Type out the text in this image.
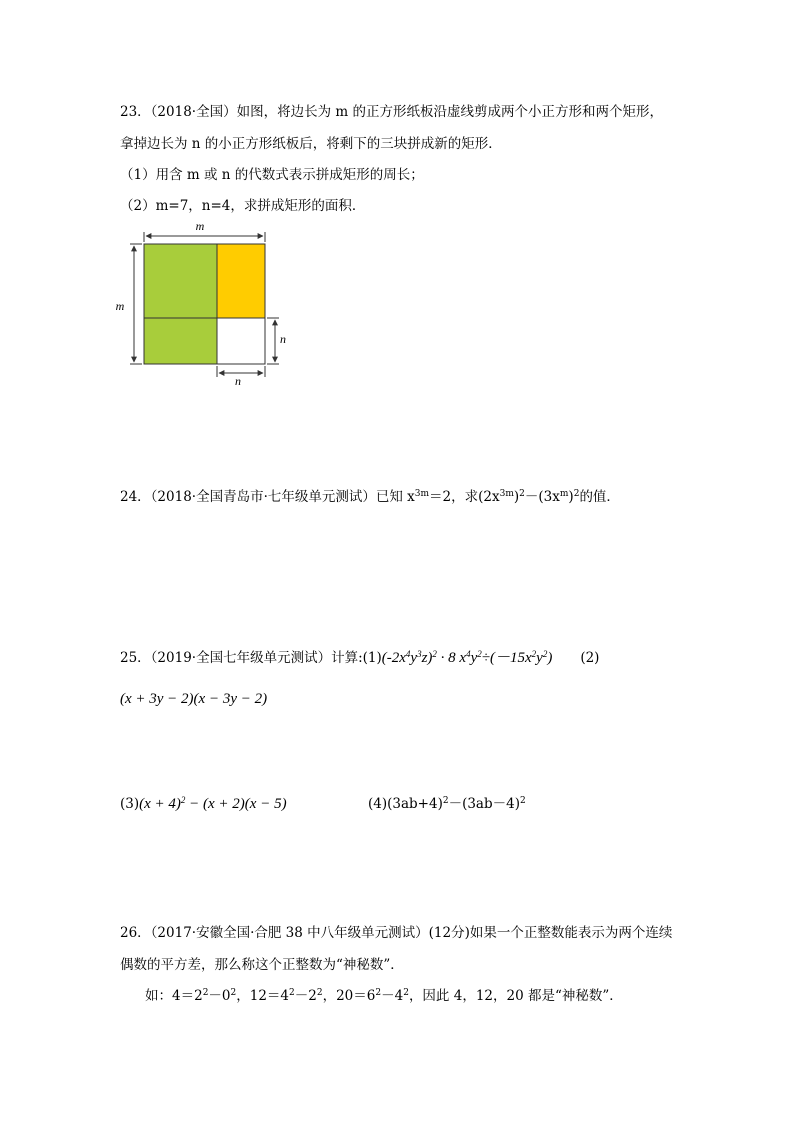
23．（2018·全国）如图，将边长为 m 的正方形纸板沿虚线剪成两个小正方形和两个矩形，
拿掉边长为 n 的小正方形纸板后，将剩下的三块拼成新的矩形．
（1）用含 m 或 n 的代数式表示拼成矩形的周长；
（2）m=7，n=4，求拼成矩形的面积．
m
m
n
n
24．（2018·全国青岛市·七年级单元测试）已知 $x^{3m}=2$，求$(2x^{3m})^2-(3x^m)^2$的值．
25．（2019·全国七年级单元测试）计算$:(1)(-2x^4y^3z)^2 \cdot 8$ $x^4y^2\div(-15x^2y^2)$ (2)
(x + 3y − 2)(x − 3y − 2)
$(3)(x + 4)^2 - (x + 2)(x - 5)$	$(4)(3ab+4)^2-(3ab-4)^2$
26．（2017·安徽全国·合肥 38 中八年级单元测试）(12分)如果一个正整数能表示为两个连续
偶数的平方差，那么称这个正整数为“神秘数”．
如：$4=2^2-0^2$，$12=4^2-2^2$，$20=6^2-4^2$，因此 4，12，20 都是“神秘数”．
